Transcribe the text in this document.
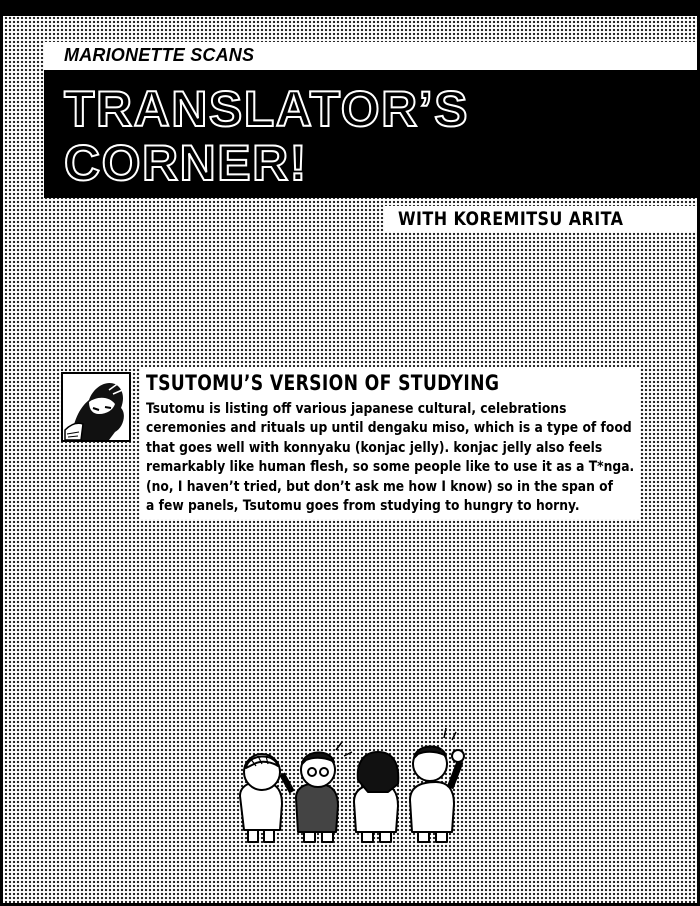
MARIONETTE SCANS

TRANSLATOR’S
CORNER!

WITH KOREMITSU ARITA

TSUTOMU’S VERSION OF STUDYING

Tsutomu is listing off various japanese cultural, celebrations
ceremonies and rituals up until dengaku miso, which is a type of food
that goes well with konnyaku (konjac jelly). konjac jelly also feels
remarkably like human flesh, so some people like to use it as a T*nga.
(no, I haven’t tried, but don’t ask me how I know) so in the span of
a few panels, Tsutomu goes from studying to hungry to horny.
